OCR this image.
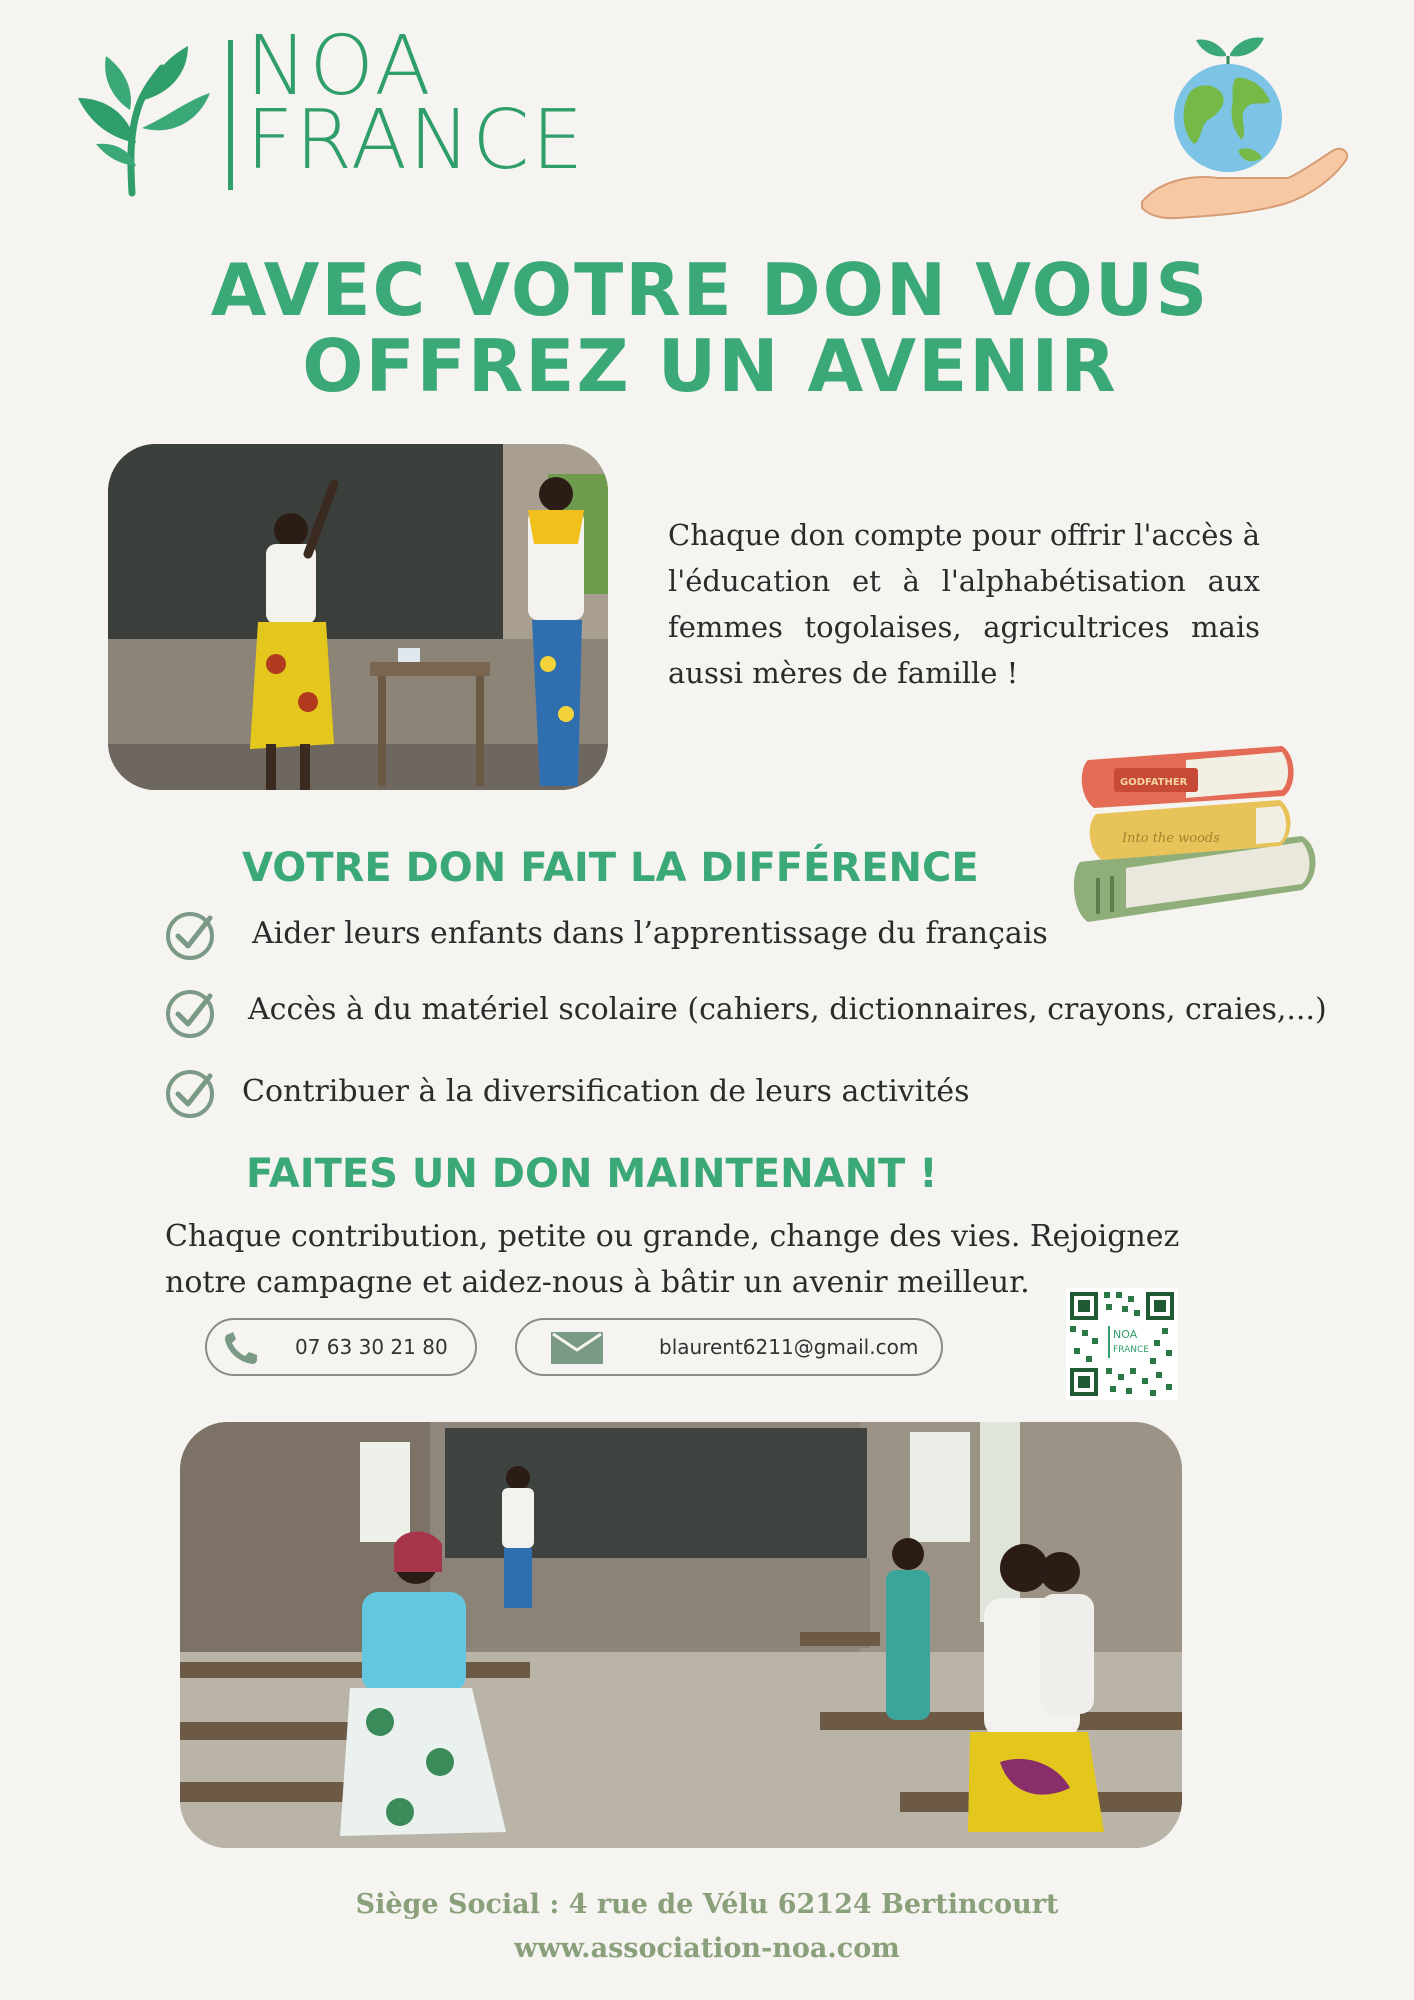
NOA
FRANCE
AVEC VOTRE DON VOUS
OFFREZ UN AVENIR
Chaque don compte pour offrir l'accès à l'éducation et à l'alphabétisation aux femmes togolaises, agricultrices mais aussi mères de famille !
Into the woods
GODFATHER
VOTRE DON FAIT LA DIFFÉRENCE
Aider leurs enfants dans l’apprentissage du français
Accès à du matériel scolaire (cahiers, dictionnaires, crayons, craies,...)
Contribuer à la diversification de leurs activités
FAITES UN DON MAINTENANT !
Chaque contribution, petite ou grande, change des vies. Rejoignez notre campagne et aidez-nous à bâtir un avenir meilleur.
07 63 30 21 80	blaurent6211@gmail.com
NOA
FRANCE
Siège Social : 4 rue de Vélu 62124 Bertincourt
www.association-noa.com
